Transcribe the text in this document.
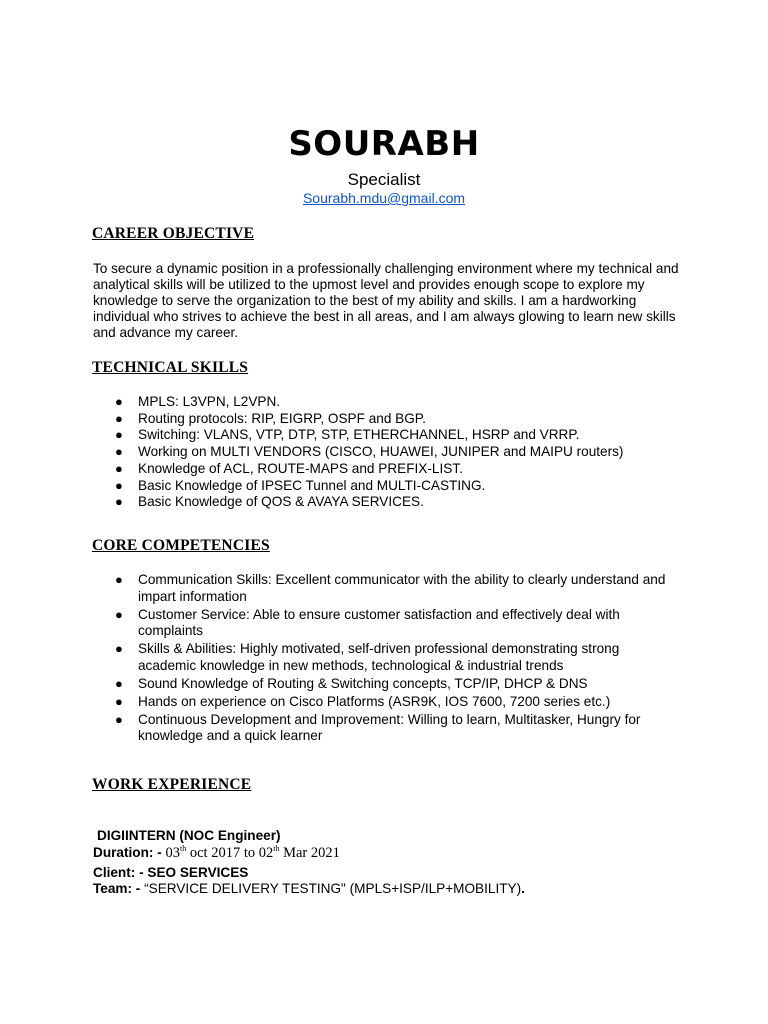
SOURABH
Specialist
Sourabh.mdu@gmail.com
CAREER OBJECTIVE
To secure a dynamic position in a professionally challenging environment where my technical and analytical skills will be utilized to the upmost level and provides enough scope to explore my knowledge to serve the organization to the best of my ability and skills. I am a hardworking individual who strives to achieve the best in all areas, and I am always glowing to learn new skills and advance my career.
TECHNICAL SKILLS
● MPLS: L3VPN, L2VPN.
● Routing protocols: RIP, EIGRP, OSPF and BGP.
● Switching: VLANS, VTP, DTP, STP, ETHERCHANNEL, HSRP and VRRP.
● Working on MULTI VENDORS (CISCO, HUAWEI, JUNIPER and MAIPU routers)
● Knowledge of ACL, ROUTE-MAPS and PREFIX-LIST.
● Basic Knowledge of IPSEC Tunnel and MULTI-CASTING.
● Basic Knowledge of QOS & AVAYA SERVICES.
CORE COMPETENCIES
● Communication Skills: Excellent communicator with the ability to clearly understand and impart information
● Customer Service: Able to ensure customer satisfaction and effectively deal with complaints
● Skills & Abilities: Highly motivated, self-driven professional demonstrating strong academic knowledge in new methods, technological & industrial trends
● Sound Knowledge of Routing & Switching concepts, TCP/IP, DHCP & DNS
● Hands on experience on Cisco Platforms (ASR9K, IOS 7600, 7200 series etc.)
● Continuous Development and Improvement: Willing to learn, Multitasker, Hungry for knowledge and a quick learner
WORK EXPERIENCE
DIGIINTERN (NOC Engineer)
Duration: - 03th oct 2017 to 02th Mar 2021
Client: - SEO SERVICES
Team: - “SERVICE DELIVERY TESTING" (MPLS+ISP/ILP+MOBILITY).
